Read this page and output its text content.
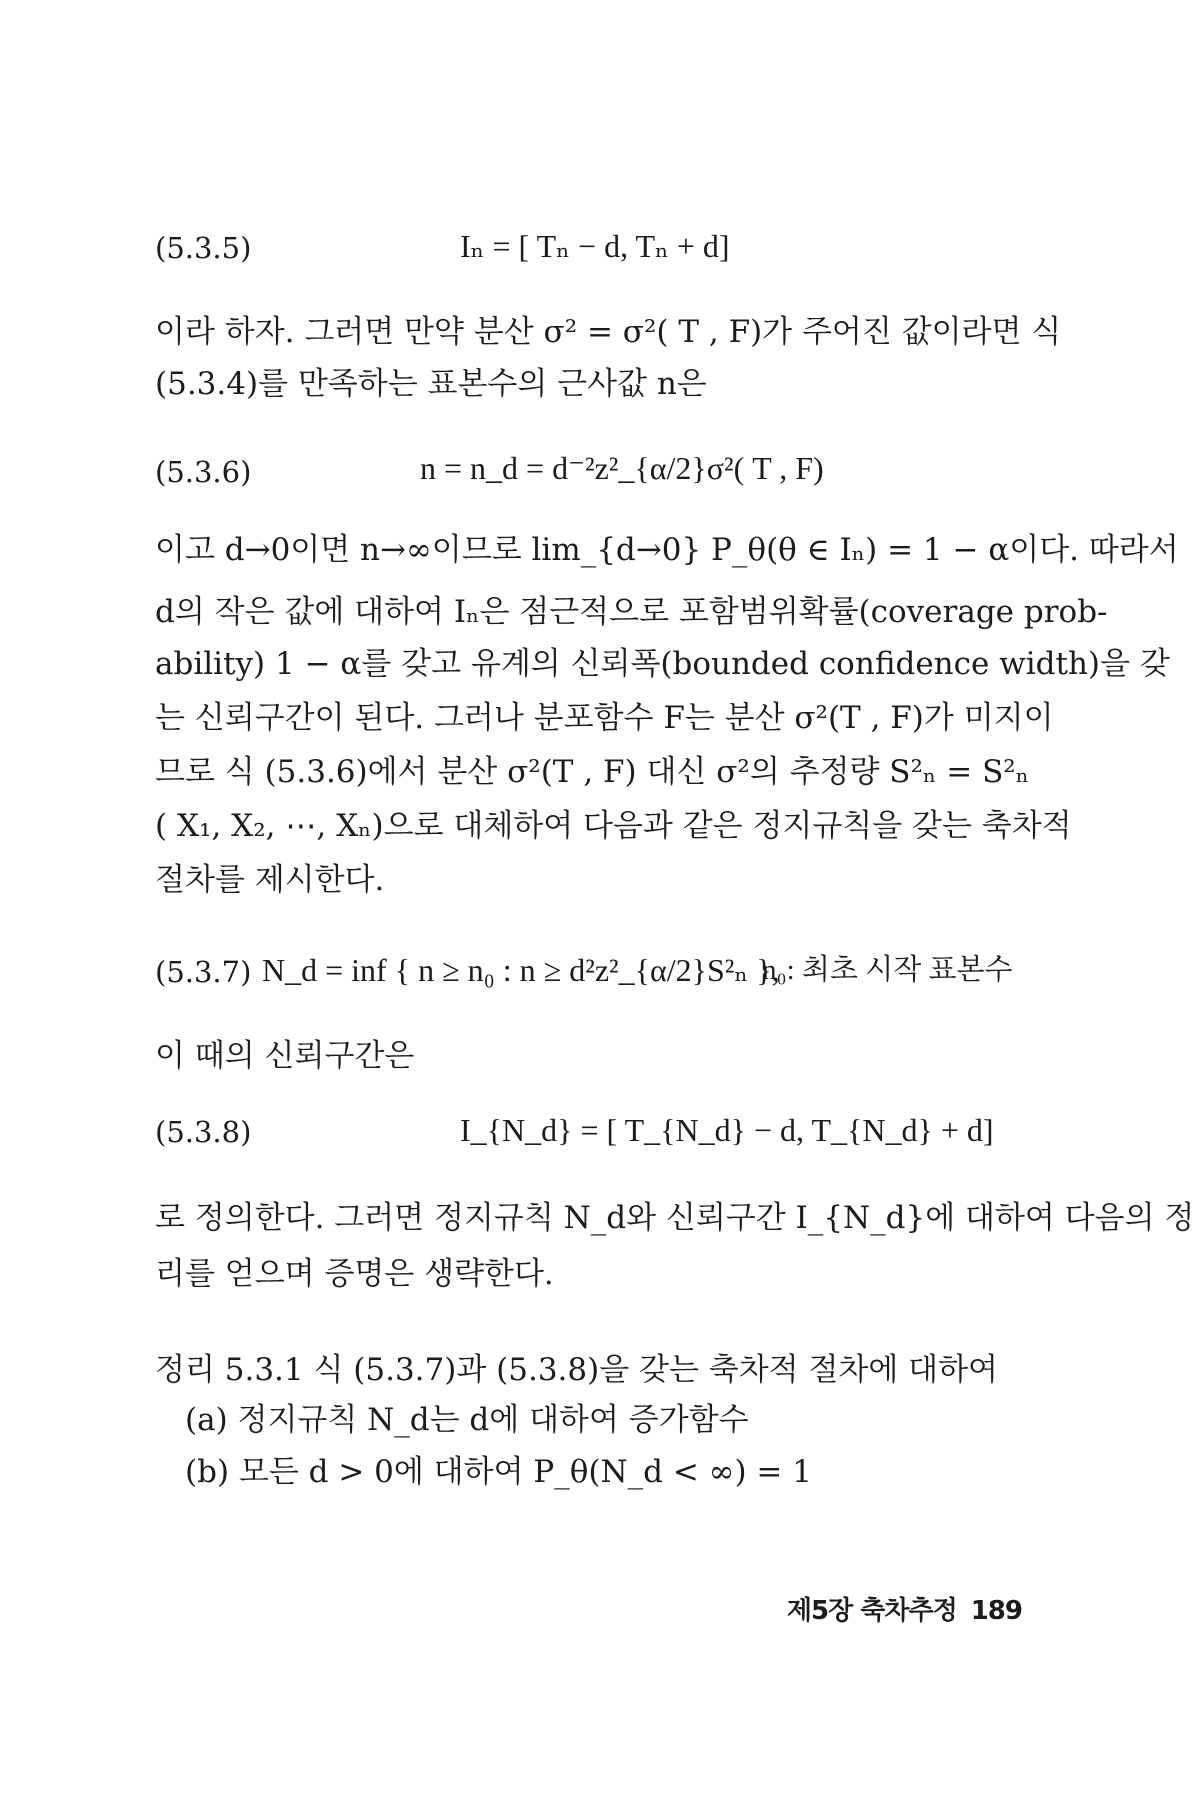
(5.3.5)	Iₙ = [ Tₙ − d, Tₙ + d]
이라 하자. 그러면 만약 분산 σ² = σ²( T , F)가 주어진 값이라면 식
(5.3.4)를 만족하는 표본수의 근사값 n은
(5.3.6)	n = n_d = d⁻²z²_{α/2}σ²( T , F)
이고 d→0이면 n→∞이므로 lim_{d→0} P_θ(θ ∈ Iₙ) = 1 − α이다. 따라서
d의 작은 값에 대하여 Iₙ은 점근적으로 포함범위확률(coverage prob-
ability) 1 − α를 갖고 유계의 신뢰폭(bounded confidence width)을 갖
는 신뢰구간이 된다. 그러나 분포함수 F는 분산 σ²(T , F)가 미지이
므로 식 (5.3.6)에서 분산 σ²(T , F) 대신 σ²의 추정량 S²ₙ = S²ₙ
( X₁, X₂, ⋯, Xₙ)으로 대체하여 다음과 같은 정지규칙을 갖는 축차적
절차를 제시한다.
(5.3.7) N_d = inf { n ≥ n₀ : n ≥ d²z²_{α/2}S²ₙ },
n₀: 최초 시작 표본수
이 때의 신뢰구간은
(5.3.8)	I_{N_d} = [ T_{N_d} − d, T_{N_d} + d]
로 정의한다. 그러면 정지규칙 N_d와 신뢰구간 I_{N_d}에 대하여 다음의 정
리를 얻으며 증명은 생략한다.
정리 5.3.1 식 (5.3.7)과 (5.3.8)을 갖는 축차적 절차에 대하여
(a) 정지규칙 N_d는 d에 대하여 증가함수
(b) 모든 d > 0에 대하여 P_θ(N_d < ∞) = 1
제5장 축차추정 189
